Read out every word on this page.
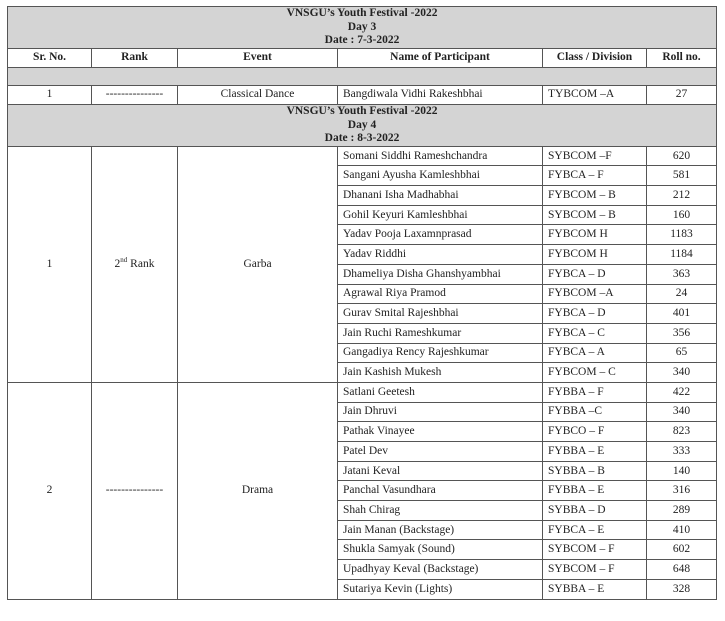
VNSGU’s Youth Festival -2022					
Day 3					
Date : 7-3-2022					
Sr. No.	Rank	Event	Name of Participant	Class / Division	Roll no.

1	---------------	Classical Dance	Bangdiwala Vidhi Rakeshbhai	TYBCOM –A	27
VNSGU’s Youth Festival -2022					
Day 4					
Date : 8-3-2022					
1	2nd Rank	Garba	Somani Siddhi Rameshchandra	SYBCOM –F	620
			Sangani Ayusha Kamleshbhai	FYBCA – F	581
			Dhanani Isha Madhabhai	FYBCOM – B	212
			Gohil Keyuri Kamleshbhai	SYBCOM – B	160
			Yadav Pooja Laxamnprasad	FYBCOM H	1183
			Yadav Riddhi	FYBCOM H	1184
			Dhameliya Disha Ghanshyambhai	FYBCA – D	363
			Agrawal Riya Pramod	FYBCOM –A	24
			Gurav Smital Rajeshbhai	FYBCA – D	401
			Jain Ruchi Rameshkumar	FYBCA – C	356
			Gangadiya Rency Rajeshkumar	FYBCA – A	65
			Jain Kashish Mukesh	FYBCOM – C	340
2	---------------	Drama	Satlani Geetesh	FYBBA – F	422
			Jain Dhruvi	FYBBA –C	340
			Pathak Vinayee	FYBCO – F	823
			Patel Dev	FYBBA – E	333
			Jatani Keval	SYBBA – B	140
			Panchal Vasundhara	FYBBA – E	316
			Shah Chirag	SYBBA – D	289
			Jain Manan (Backstage)	FYBCA – E	410
			Shukla Samyak (Sound)	SYBCOM – F	602
			Upadhyay Keval (Backstage)	SYBCOM – F	648
			Sutariya Kevin (Lights)	SYBBA – E	328
